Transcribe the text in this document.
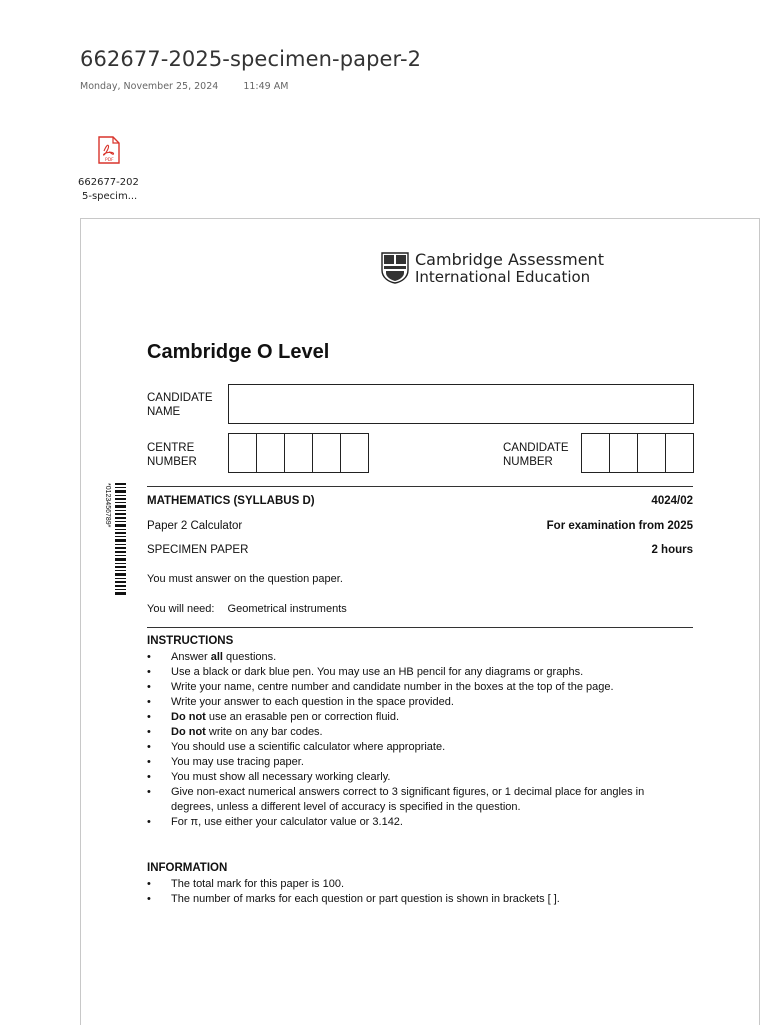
662677-2025-specimen-paper-2
Monday, November 25, 2024	11:49 AM
PDF
662677-202
5-specim...
Cambridge Assessment
International Education
Cambridge O Level
CANDIDATE
NAME
CENTRE
NUMBER
CANDIDATE
NUMBER
*0123456789*	MATHEMATICS (SYLLABUS D)	4024/02
Paper 2 Calculator	For examination from 2025
SPECIMEN PAPER	2 hours
You must answer on the question paper.
You will need: Geometrical instruments
INSTRUCTIONS
• Answer all questions.
• Use a black or dark blue pen. You may use an HB pencil for any diagrams or graphs.
• Write your name, centre number and candidate number in the boxes at the top of the page.
• Write your answer to each question in the space provided.
• Do not use an erasable pen or correction fluid.
• Do not write on any bar codes.
• You should use a scientific calculator where appropriate.
• You may use tracing paper.
• You must show all necessary working clearly.
• Give non-exact numerical answers correct to 3 significant figures, or 1 decimal place for angles in degrees, unless a different level of accuracy is specified in the question.
• For π, use either your calculator value or 3.142.
INFORMATION
• The total mark for this paper is 100.
• The number of marks for each question or part question is shown in brackets [ ].
